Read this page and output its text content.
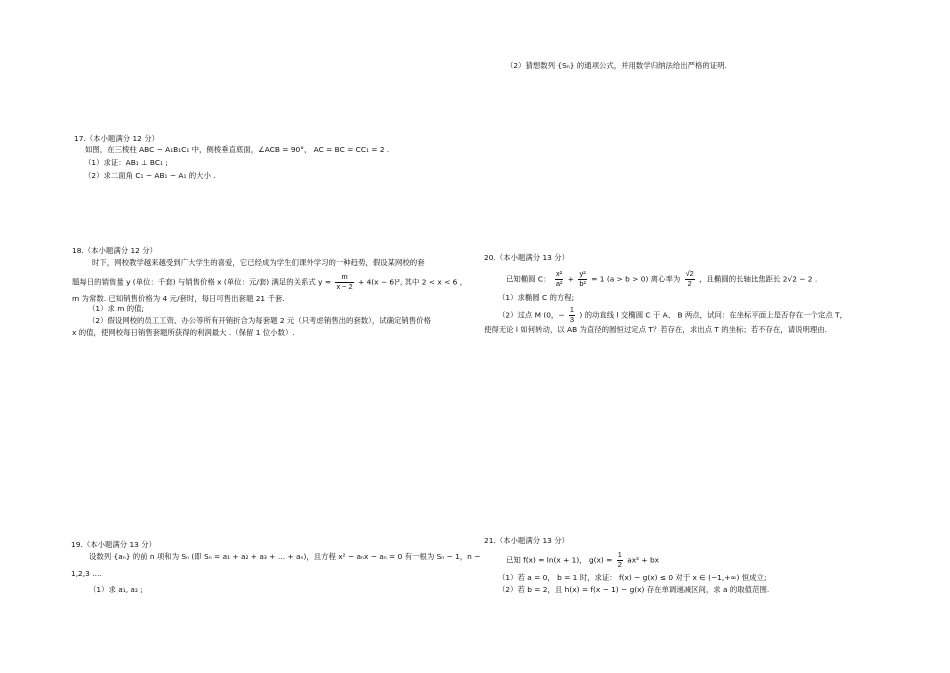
（2）猜想数列 {Sₙ} 的通项公式，并用数学归纳法给出严格的证明.
17.（本小题满分 12 分）
如图，在三棱柱 ABC − A₁B₁C₁ 中，侧棱垂直底面，∠ACB = 90°， AC = BC = CC₁ = 2 .
（1）求证：AB₁ ⊥ BC₁ ;
（2）求二面角 C₁ − AB₁ − A₁ 的大小 .
18.（本小题满分 12 分）
时下，网校教学越来越受到广大学生的喜爱，它已经成为学生们课外学习的一种趋势，假设某网校的套
题每日的销售量 y (单位：千套) 与销售价格 x (单位：元/套) 满足的关系式 $y = \frac{m}{x - 2} + 4(x - 6)^2$, 其中 2 < x < 6 ,
m 为常数. 已知销售价格为 4 元/套时，每日可售出套题 21 千套.
（1）求 m 的值;
（2）假设网校的员工工资、办公等所有开销折合为每套题 2 元（只考虑销售出的套数），试确定销售价格
x 的值，使网校每日销售套题所获得的利润最大 .（保留 1 位小数）.
19.（本小题满分 13 分）
设数列 {aₙ} 的前 n 项和为 Sₙ (即 Sₙ = a₁ + a₂ + a₃ + … + aₙ)，且方程 x² − aₙx − aₙ = 0 有一根为 Sₙ − 1，n −
1,2,3 ….
（1）求 a₁, a₂ ;
20.（本小题满分 13 分）
已知椭圆 C： $\frac{\text{x²}}{\text{a²}} + \frac{\text{y²}}{\text{b²}} = 1$ (a > b > 0) 离心率为 $\frac{√2}{2}$ ，且椭圆的长轴比焦距长 2√2 − 2 .
（1）求椭圆 C 的方程;
（2）过点 M (0，− $\frac{1}{3}$ ) 的动直线 l 交椭圆 C 于 A、 B 两点，试问：在坐标平面上是否存在一个定点 T，
使得无论 l 如何转动，以 AB 为直径的圆恒过定点 T？若存在，求出点 T 的坐标；若不存在，请说明理由.
21.（本小题满分 13 分）
已知 f(x) = ln(x + 1)， $g(x) = \frac{1}{2} ax^2$ + bx
（1）若 a = 0， b = 1 时，求证： f(x) − g(x) ≤ 0 对于 x ∈ (−1,+∞) 恒成立;
（2）若 b = 2，且 h(x) = f(x − 1) − g(x) 存在单调递减区间，求 a 的取值范围.
